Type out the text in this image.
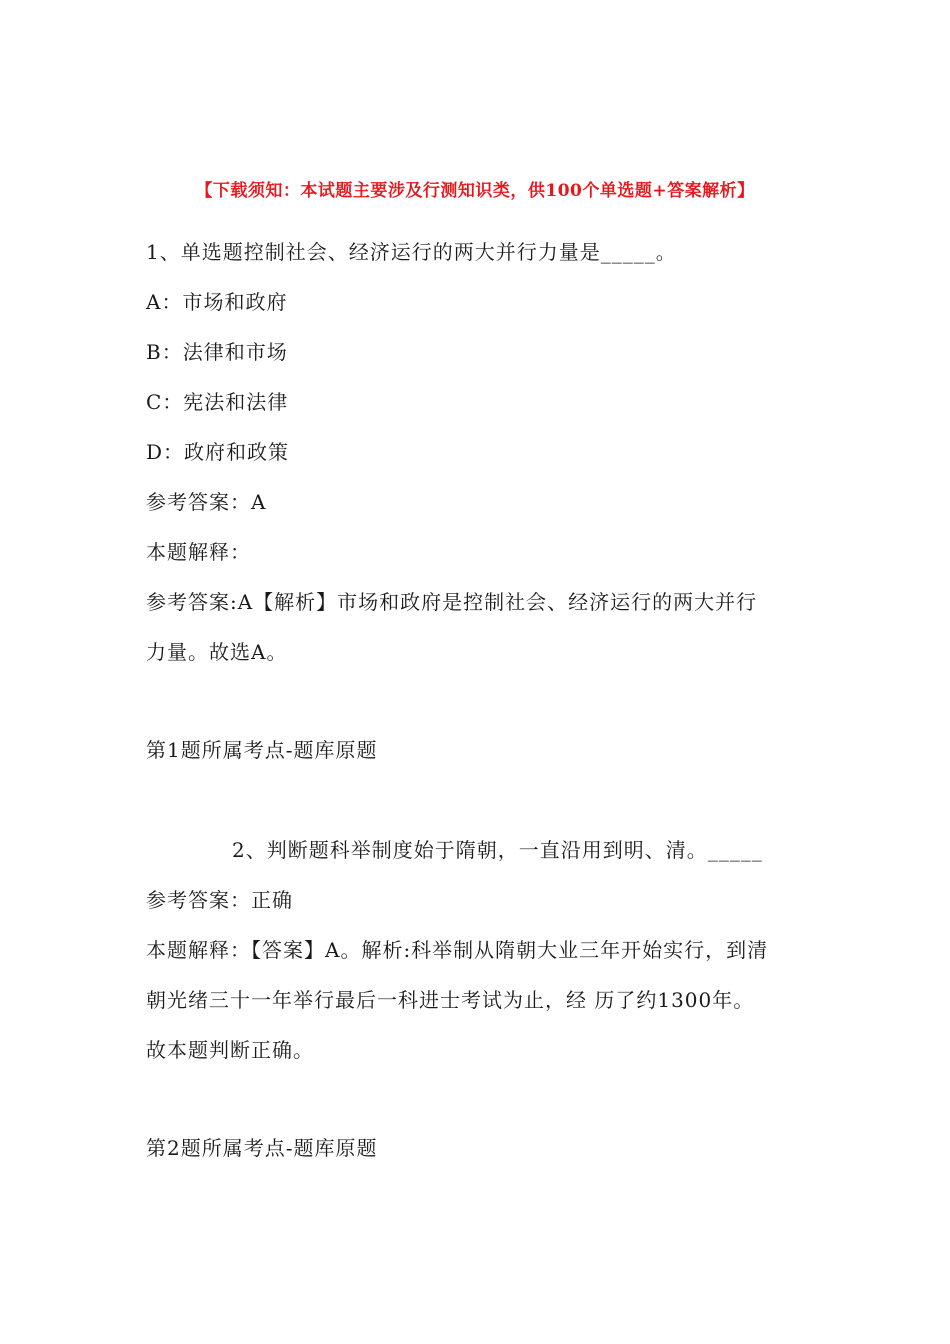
【下载须知：本试题主要涉及行测知识类，供100个单选题+答案解析】
1、单选题控制社会、经济运行的两大并行力量是_____。
A：市场和政府
B：法律和市场
C：宪法和法律
D：政府和政策
参考答案：A
本题解释：
参考答案:A【解析】市场和政府是控制社会、经济运行的两大并行
力量。故选A。
第1题所属考点-题库原题
2、判断题科举制度始于隋朝，一直沿用到明、清。_____
参考答案：正确
本题解释：【答案】A。解析:科举制从隋朝大业三年开始实行，到清
朝光绪三十一年举行最后一科进士考试为止，经 历了约1300年。
故本题判断正确。
第2题所属考点-题库原题
